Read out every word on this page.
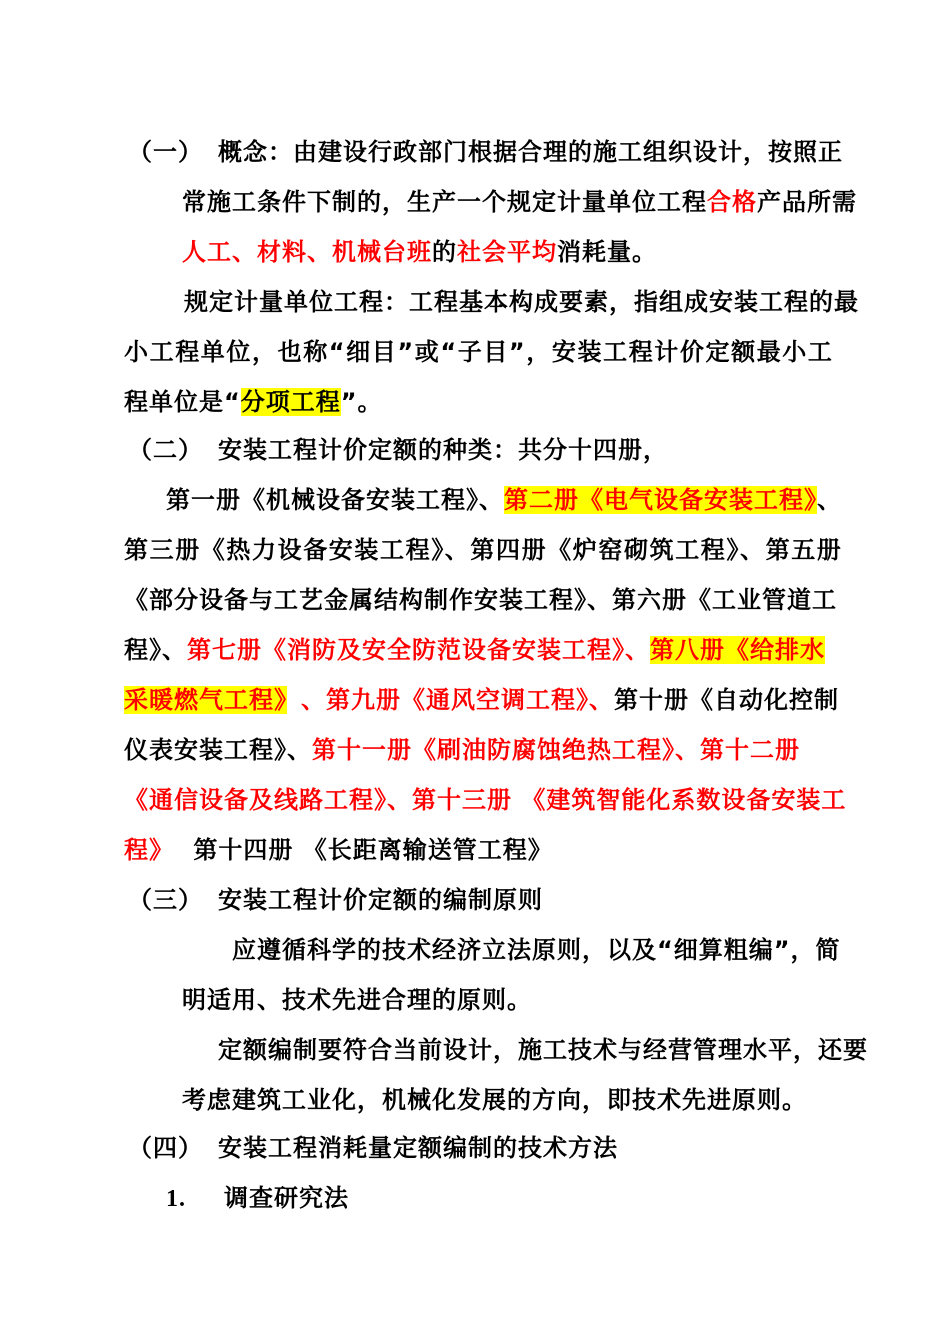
（一） 概念：由建设行政部门根据合理的施工组织设计，按照正
常施工条件下制的，生产一个规定计量单位工程合格产品所需
人工、材料、机械台班的社会平均消耗量。
规定计量单位工程：工程基本构成要素，指组成安装工程的最
小工程单位，也称“细目”或“子目”，安装工程计价定额最小工
程单位是“分项工程”。
（二） 安装工程计价定额的种类：共分十四册，
第一册《机械设备安装工程》、第二册《电气设备安装工程》、
第三册《热力设备安装工程》、第四册《炉窑砌筑工程》、第五册
《部分设备与工艺金属结构制作安装工程》、第六册《工业管道工
程》、第七册《消防及安全防范设备安装工程》、第八册《给排水
采暖燃气工程》 、第九册《通风空调工程》、第十册《自动化控制
仪表安装工程》、第十一册《刷油防腐蚀绝热工程》、第十二册
《通信设备及线路工程》、第十三册 《建筑智能化系数设备安装工
程》 第十四册 《长距离输送管工程》
（三） 安装工程计价定额的编制原则
应遵循科学的技术经济立法原则，以及“细算粗编”，简
明适用、技术先进合理的原则。
定额编制要符合当前设计，施工技术与经营管理水平，还要
考虑建筑工业化，机械化发展的方向，即技术先进原则。
（四） 安装工程消耗量定额编制的技术方法
1. 调查研究法
